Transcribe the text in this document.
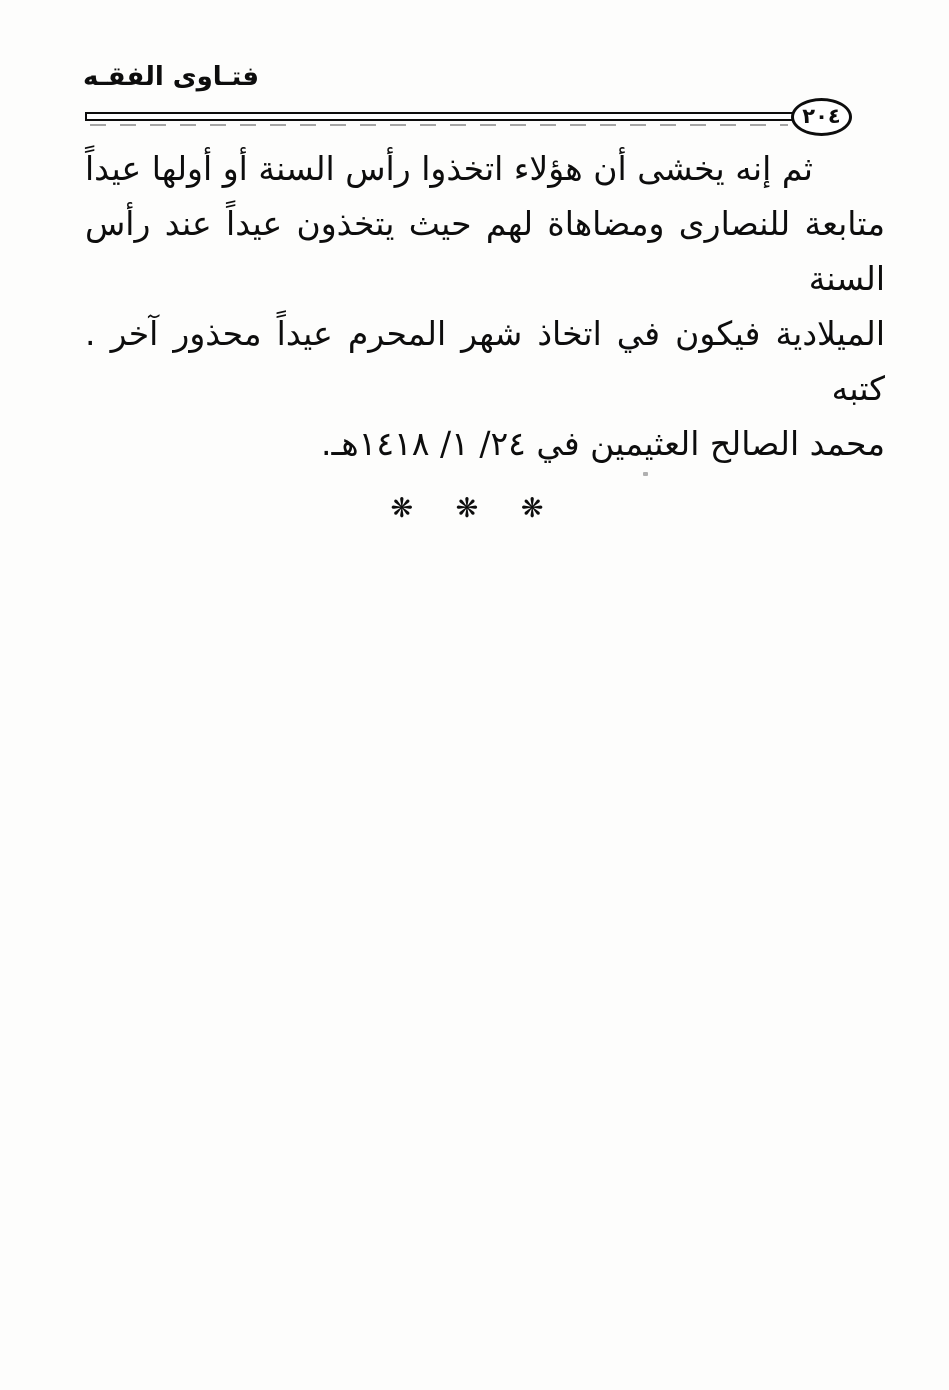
فتـاوى الفقـه
٢٠٤
ثم إنه يخشى أن هؤلاء اتخذوا رأس السنة أو أولها عيداً
متابعة للنصارى ومضاهاة لهم حيث يتخذون عيداً عند رأس السنة
الميلادية فيكون في اتخاذ شهر المحرم عيداً محذور آخر . كتبه
محمد الصالح العثيمين في ٢٤/ ١/ ١٤١٨هـ.
❋ ❋ ❋
